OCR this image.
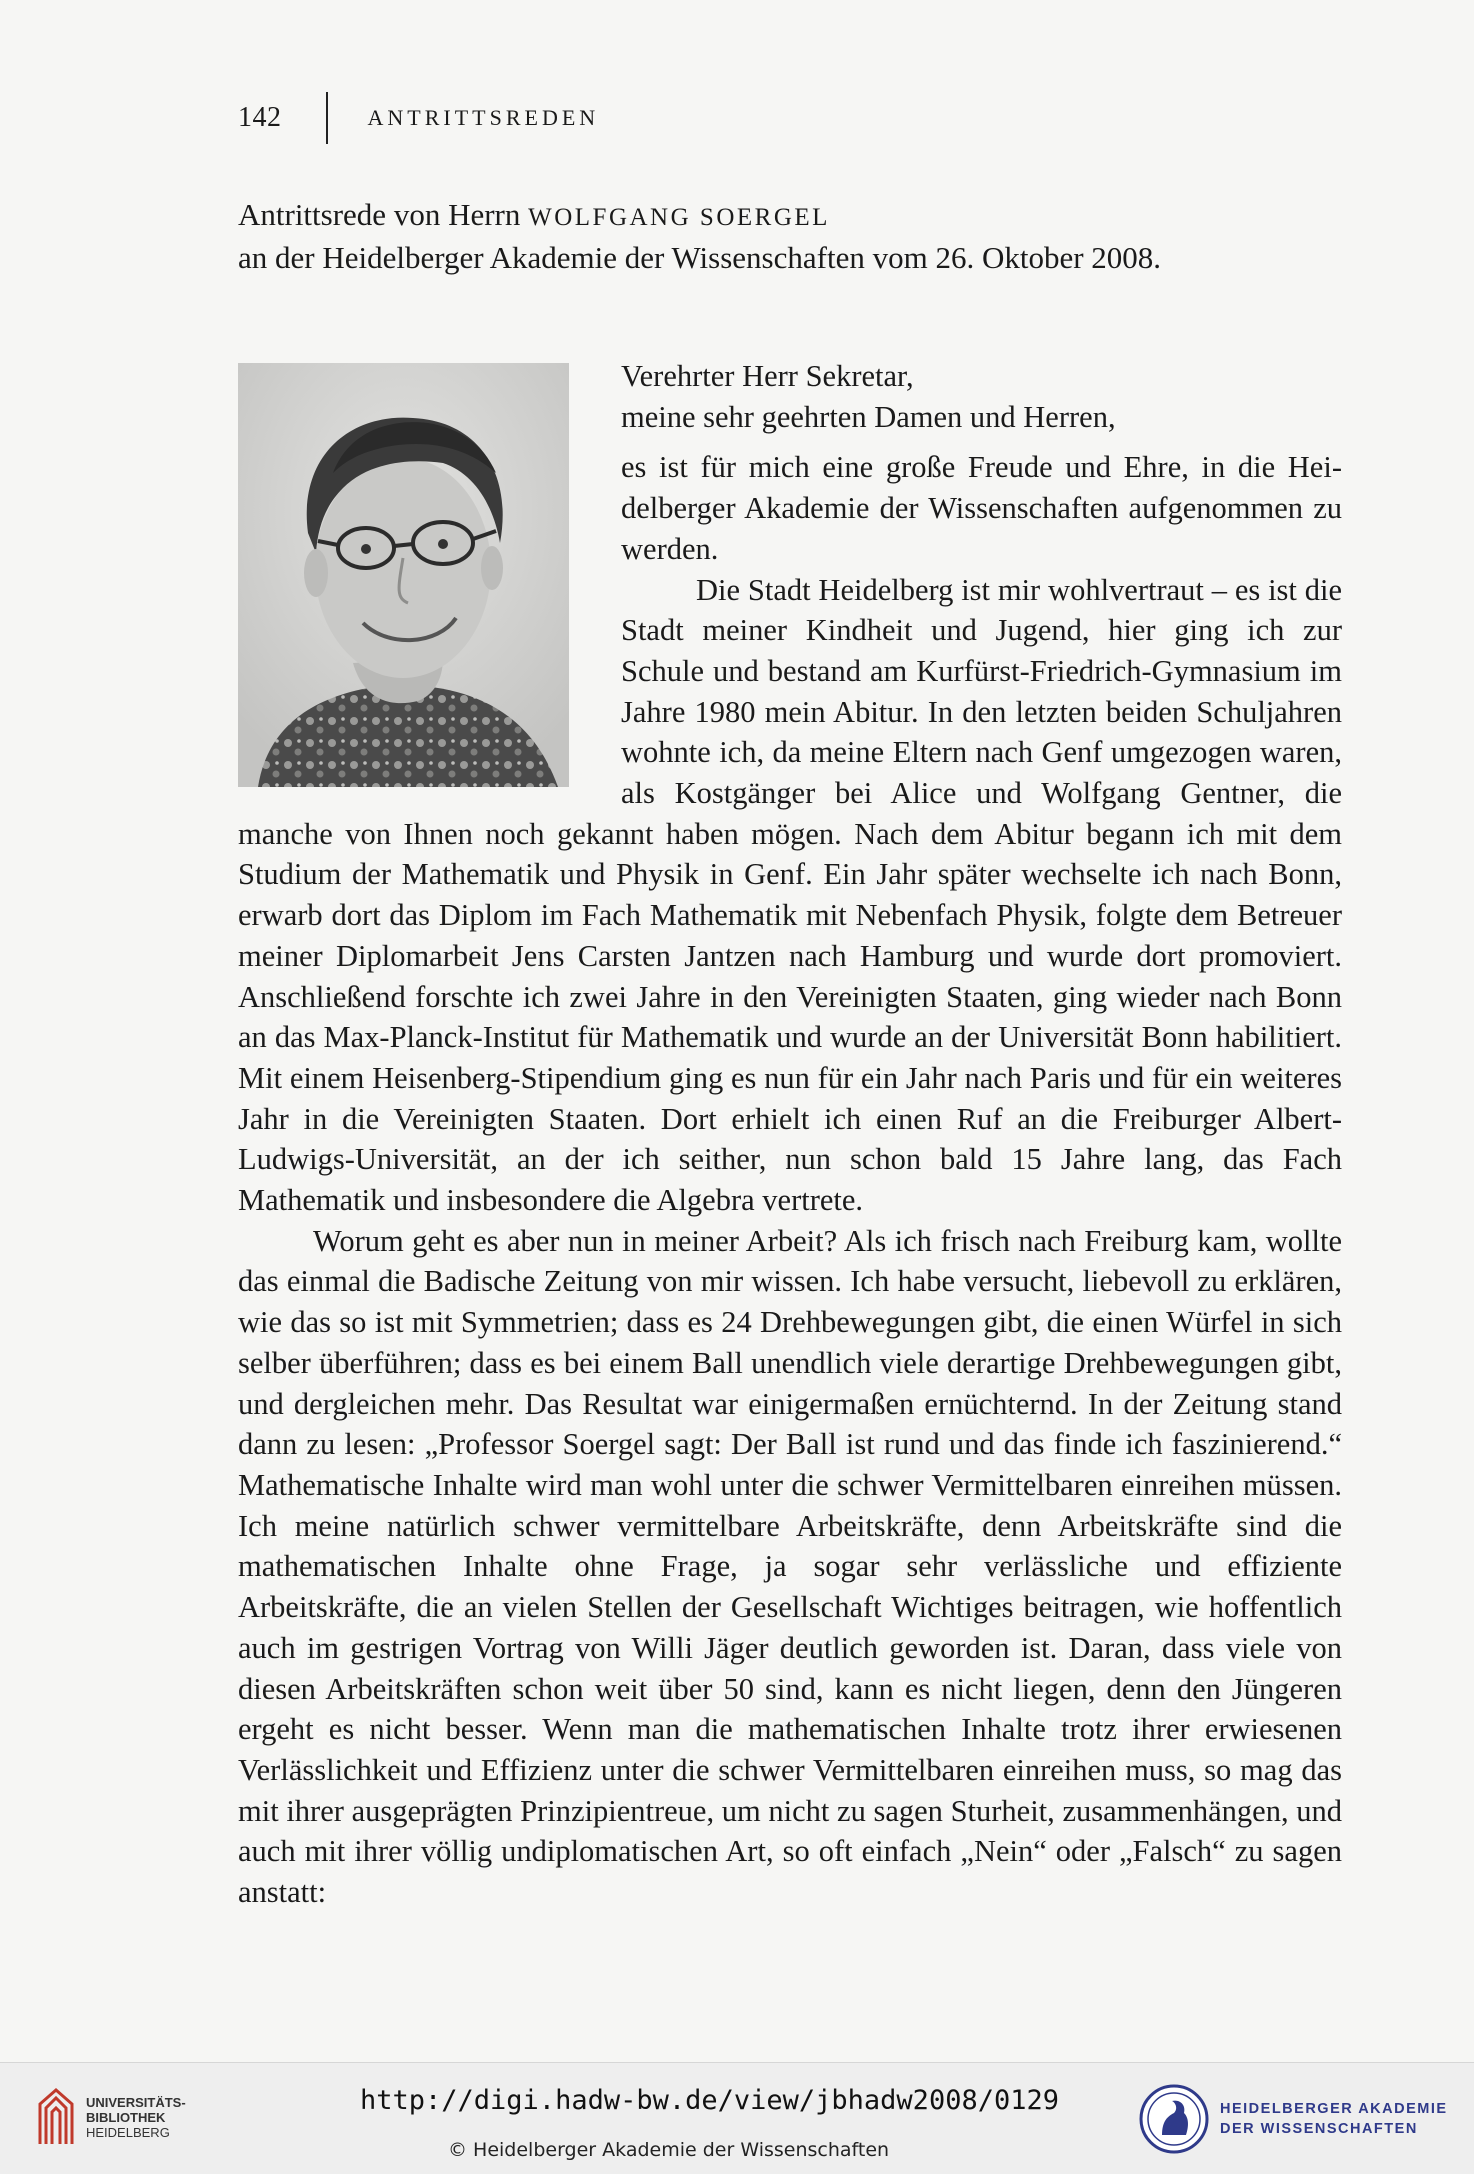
142	ANTRITTSREDEN
Antrittsrede von Herrn WOLFGANG SOERGEL
an der Heidelberger Akademie der Wissenschaften vom 26. Oktober 2008.

Verehrter Herr Sekretar,

meine sehr geehrten Damen und Herren,

es ist für mich eine große Freude und Ehre, in die Heidelberger Akademie der Wissenschaften aufgenommen zu werden.

Die Stadt Heidelberg ist mir wohlvertraut – es ist die Stadt meiner Kindheit und Jugend, hier ging ich zur Schule und bestand am Kurfürst-Friedrich-Gymnasium im Jahre 1980 mein Abitur. In den letzten beiden Schuljahren wohnte ich, da meine Eltern nach Genf umgezogen waren, als Kostgänger bei Alice und Wolfgang Gentner, die manche von Ihnen noch gekannt haben mögen. Nach dem Abitur begann ich mit dem Studium der Mathematik und Physik in Genf. Ein Jahr später wechselte ich nach Bonn, erwarb dort das Diplom im Fach Mathematik mit Nebenfach Physik, folgte dem Betreuer meiner Diplomarbeit Jens Carsten Jantzen nach Hamburg und wurde dort promoviert. Anschließend forschte ich zwei Jahre in den Vereinigten Staaten, ging wieder nach Bonn an das Max-Planck-Institut für Mathematik und wurde an der Universität Bonn habilitiert. Mit einem Heisenberg-Stipendium ging es nun für ein Jahr nach Paris und für ein weiteres Jahr in die Vereinigten Staaten. Dort erhielt ich einen Ruf an die Freiburger Albert-Ludwigs-Universität, an der ich seither, nun schon bald 15 Jahre lang, das Fach Mathematik und insbesondere die Algebra vertrete.

Worum geht es aber nun in meiner Arbeit? Als ich frisch nach Freiburg kam, wollte das einmal die Badische Zeitung von mir wissen. Ich habe versucht, liebevoll zu erklären, wie das so ist mit Symmetrien; dass es 24 Drehbewegungen gibt, die einen Würfel in sich selber überführen; dass es bei einem Ball unendlich viele derartige Drehbewegungen gibt, und dergleichen mehr. Das Resultat war einigermaßen ernüchternd. In der Zeitung stand dann zu lesen: „Professor Soergel sagt: Der Ball ist rund und das finde ich faszinierend.“ Mathematische Inhalte wird man wohl unter die schwer Vermittelbaren einreihen müssen. Ich meine natürlich schwer vermittelbare Arbeitskräfte, denn Arbeitskräfte sind die mathematischen Inhalte ohne Frage, ja sogar sehr verlässliche und effiziente Arbeitskräfte, die an vielen Stellen der Gesellschaft Wichtiges beitragen, wie hoffentlich auch im gestrigen Vortrag von Willi Jäger deutlich geworden ist. Daran, dass viele von diesen Arbeitskräften schon weit über 50 sind, kann es nicht liegen, denn den Jüngeren ergeht es nicht besser. Wenn man die mathematischen Inhalte trotz ihrer erwiesenen Verlässlichkeit und Effizienz unter die schwer Vermittelbaren einreihen muss, so mag das mit ihrer ausgeprägten Prinzipientreue, um nicht zu sagen Sturheit, zusammenhängen, und auch mit ihrer völlig undiplomatischen Art, so oft einfach „Nein“ oder „Falsch“ zu sagen anstatt:

UNIVERSITÄTS-
BIBLIOTHEK
HEIDELBERG
http://digi.hadw-bw.de/view/jbhadw2008/0129
© Heidelberger Akademie der Wissenschaften
HEIDELBERGER AKADEMIE
DER WISSENSCHAFTEN
